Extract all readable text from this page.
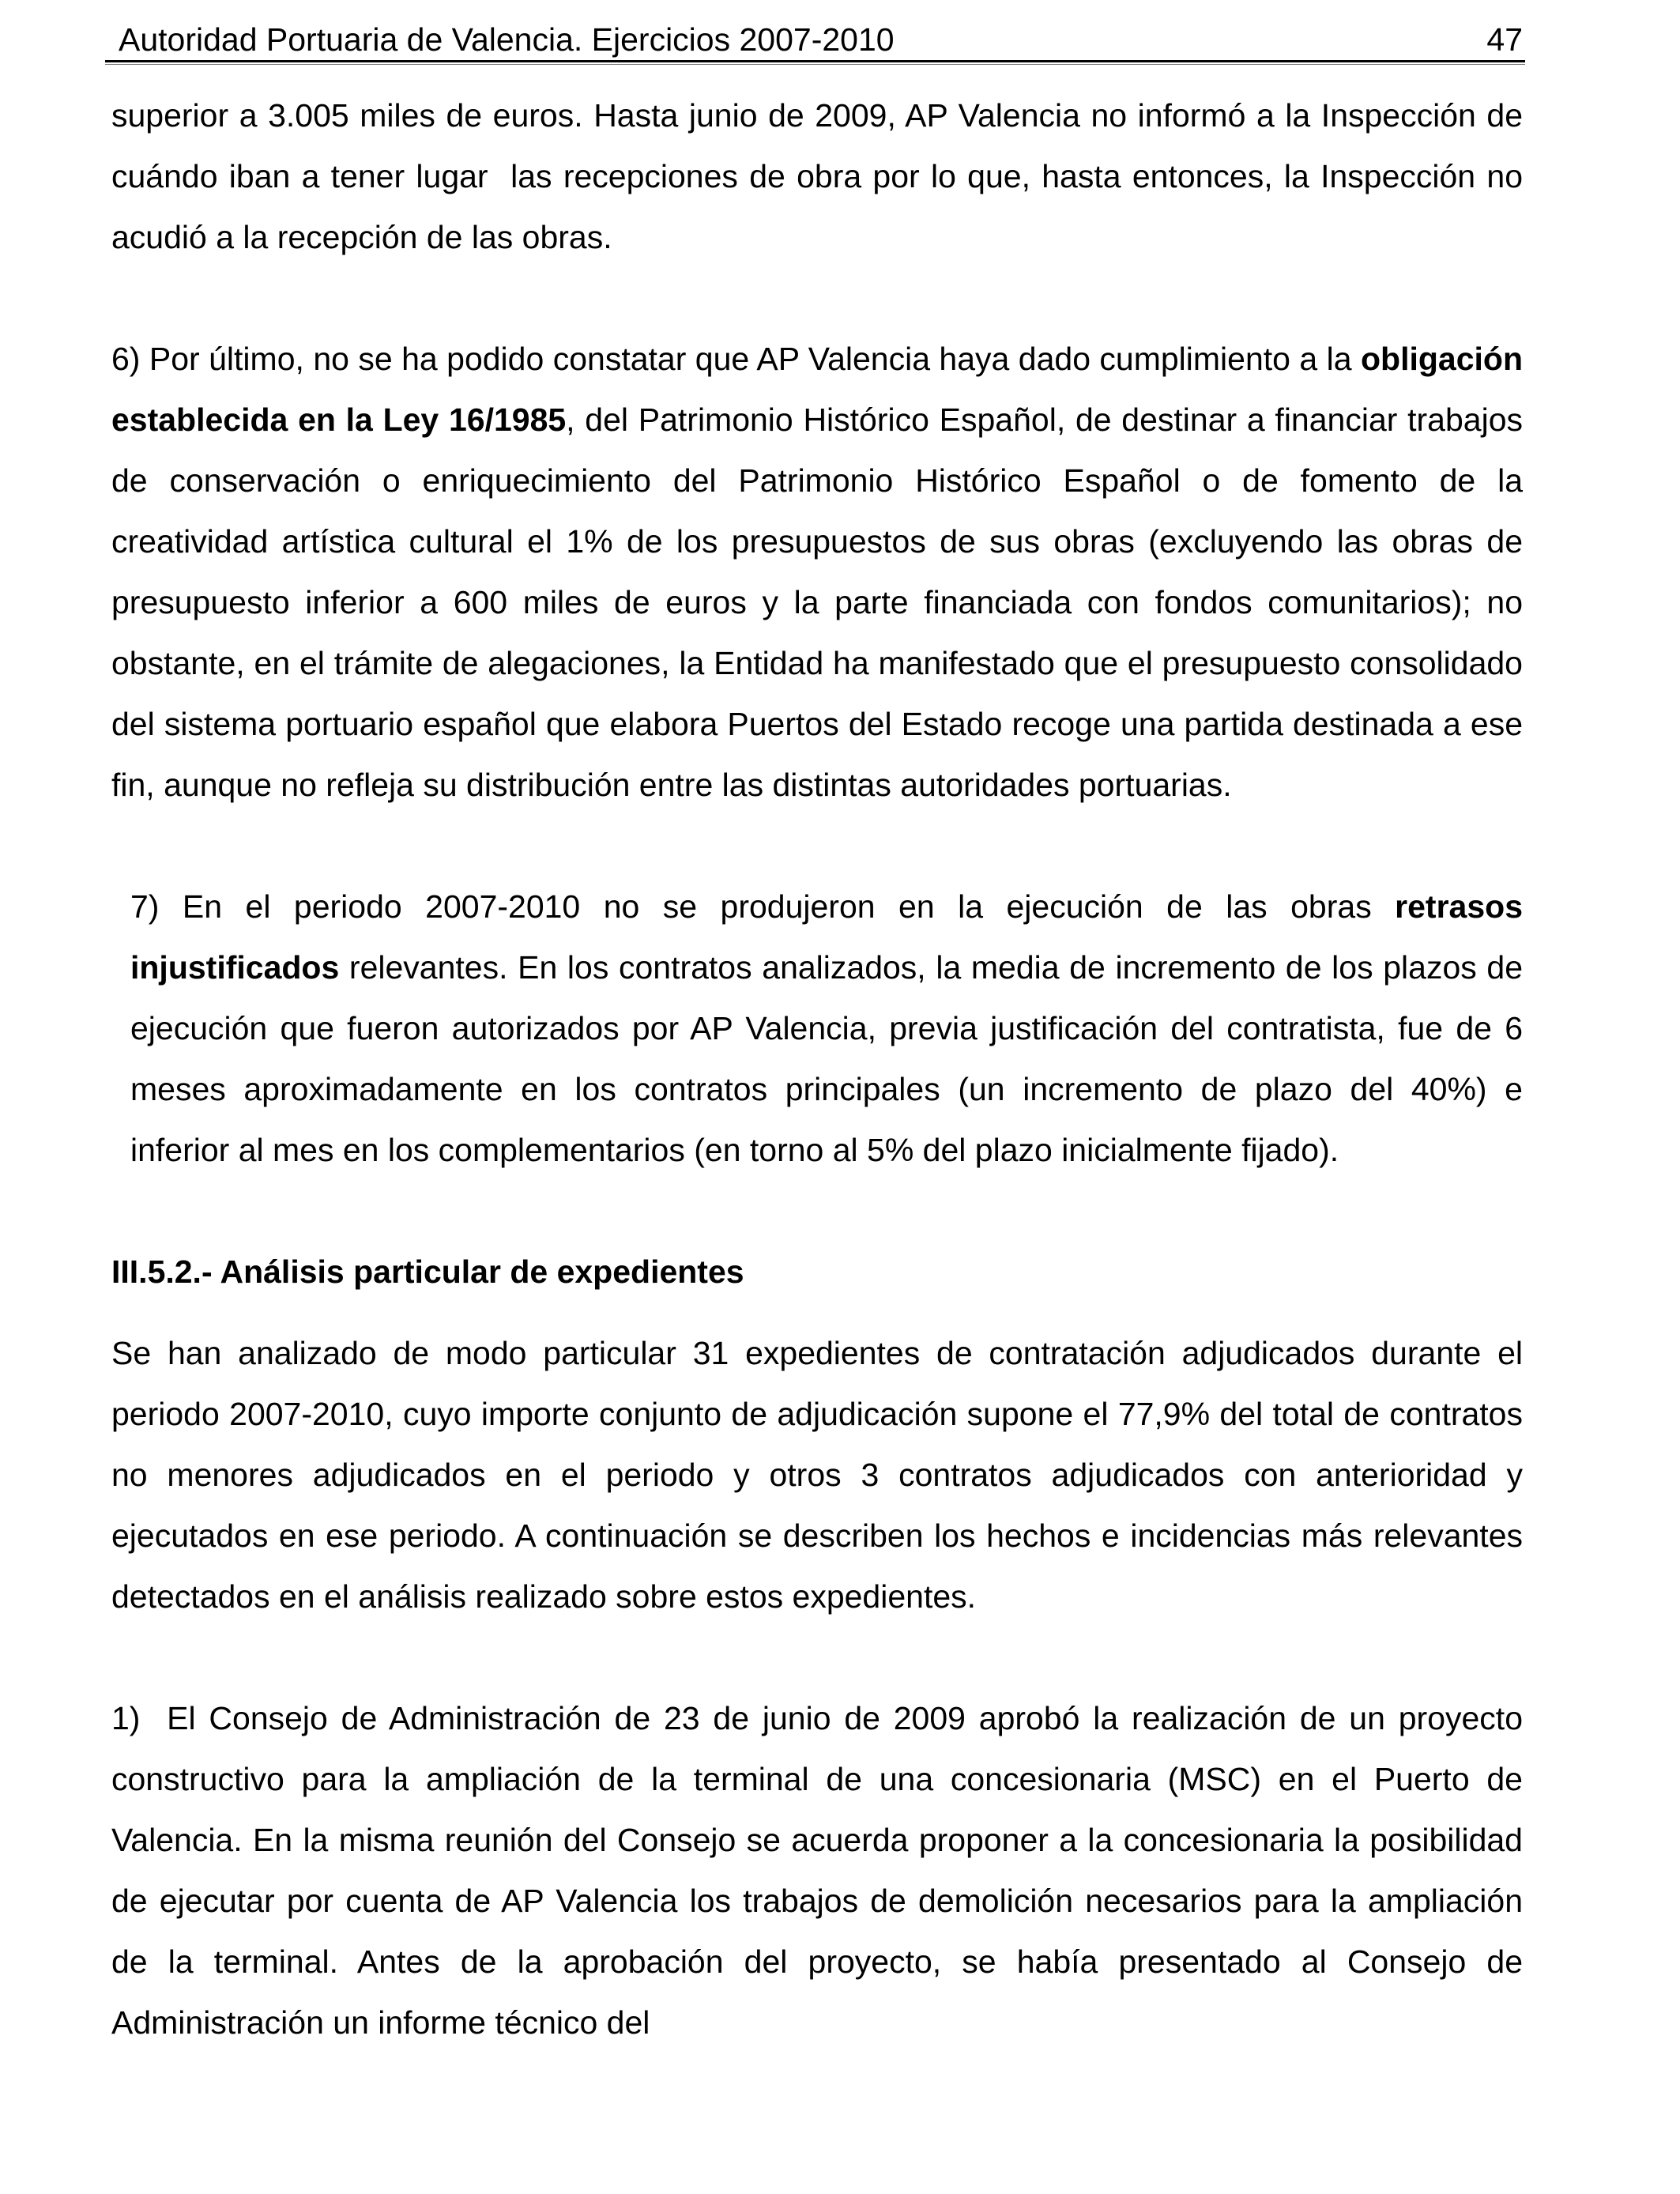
Autoridad Portuaria de Valencia. Ejercicios 2007-2010	47

superior a 3.005 miles de euros. Hasta junio de 2009, AP Valencia no informó a la Inspección de cuándo iban a tener lugar  las recepciones de obra por lo que, hasta entonces, la Inspección no acudió a la recepción de las obras.

6) Por último, no se ha podido constatar que AP Valencia haya dado cumplimiento a la obligación establecida en la Ley 16/1985, del Patrimonio Histórico Español, de destinar a financiar trabajos de conservación o enriquecimiento del Patrimonio Histórico Español o de fomento de la creatividad artística cultural el 1% de los presupuestos de sus obras (excluyendo las obras de presupuesto inferior a 600 miles de euros y la parte financiada con fondos comunitarios); no obstante, en el trámite de alegaciones, la Entidad ha manifestado que el presupuesto consolidado del sistema portuario español que elabora Puertos del Estado recoge una partida destinada a ese fin, aunque no refleja su distribución entre las distintas autoridades portuarias.

7) En el periodo 2007-2010 no se produjeron en la ejecución de las obras retrasos injustificados relevantes. En los contratos analizados, la media de incremento de los plazos de ejecución que fueron autorizados por AP Valencia, previa justificación del contratista, fue de 6 meses aproximadamente en los contratos principales (un incremento de plazo del 40%) e inferior al mes en los complementarios (en torno al 5% del plazo inicialmente fijado).

III.5.2.- Análisis particular de expedientes

Se han analizado de modo particular 31 expedientes de contratación adjudicados durante el periodo 2007-2010, cuyo importe conjunto de adjudicación supone el 77,9% del total de contratos no menores adjudicados en el periodo y otros 3 contratos adjudicados con anterioridad y ejecutados en ese periodo. A continuación se describen los hechos e incidencias más relevantes detectados en el análisis realizado sobre estos expedientes.

1)  El Consejo de Administración de 23 de junio de 2009 aprobó la realización de un proyecto constructivo para la ampliación de la terminal de una concesionaria (MSC) en el Puerto de Valencia. En la misma reunión del Consejo se acuerda proponer a la concesionaria la posibilidad de ejecutar por cuenta de AP Valencia los trabajos de demolición necesarios para la ampliación de la terminal. Antes de la aprobación del proyecto, se había presentado al Consejo de Administración un informe técnico del
